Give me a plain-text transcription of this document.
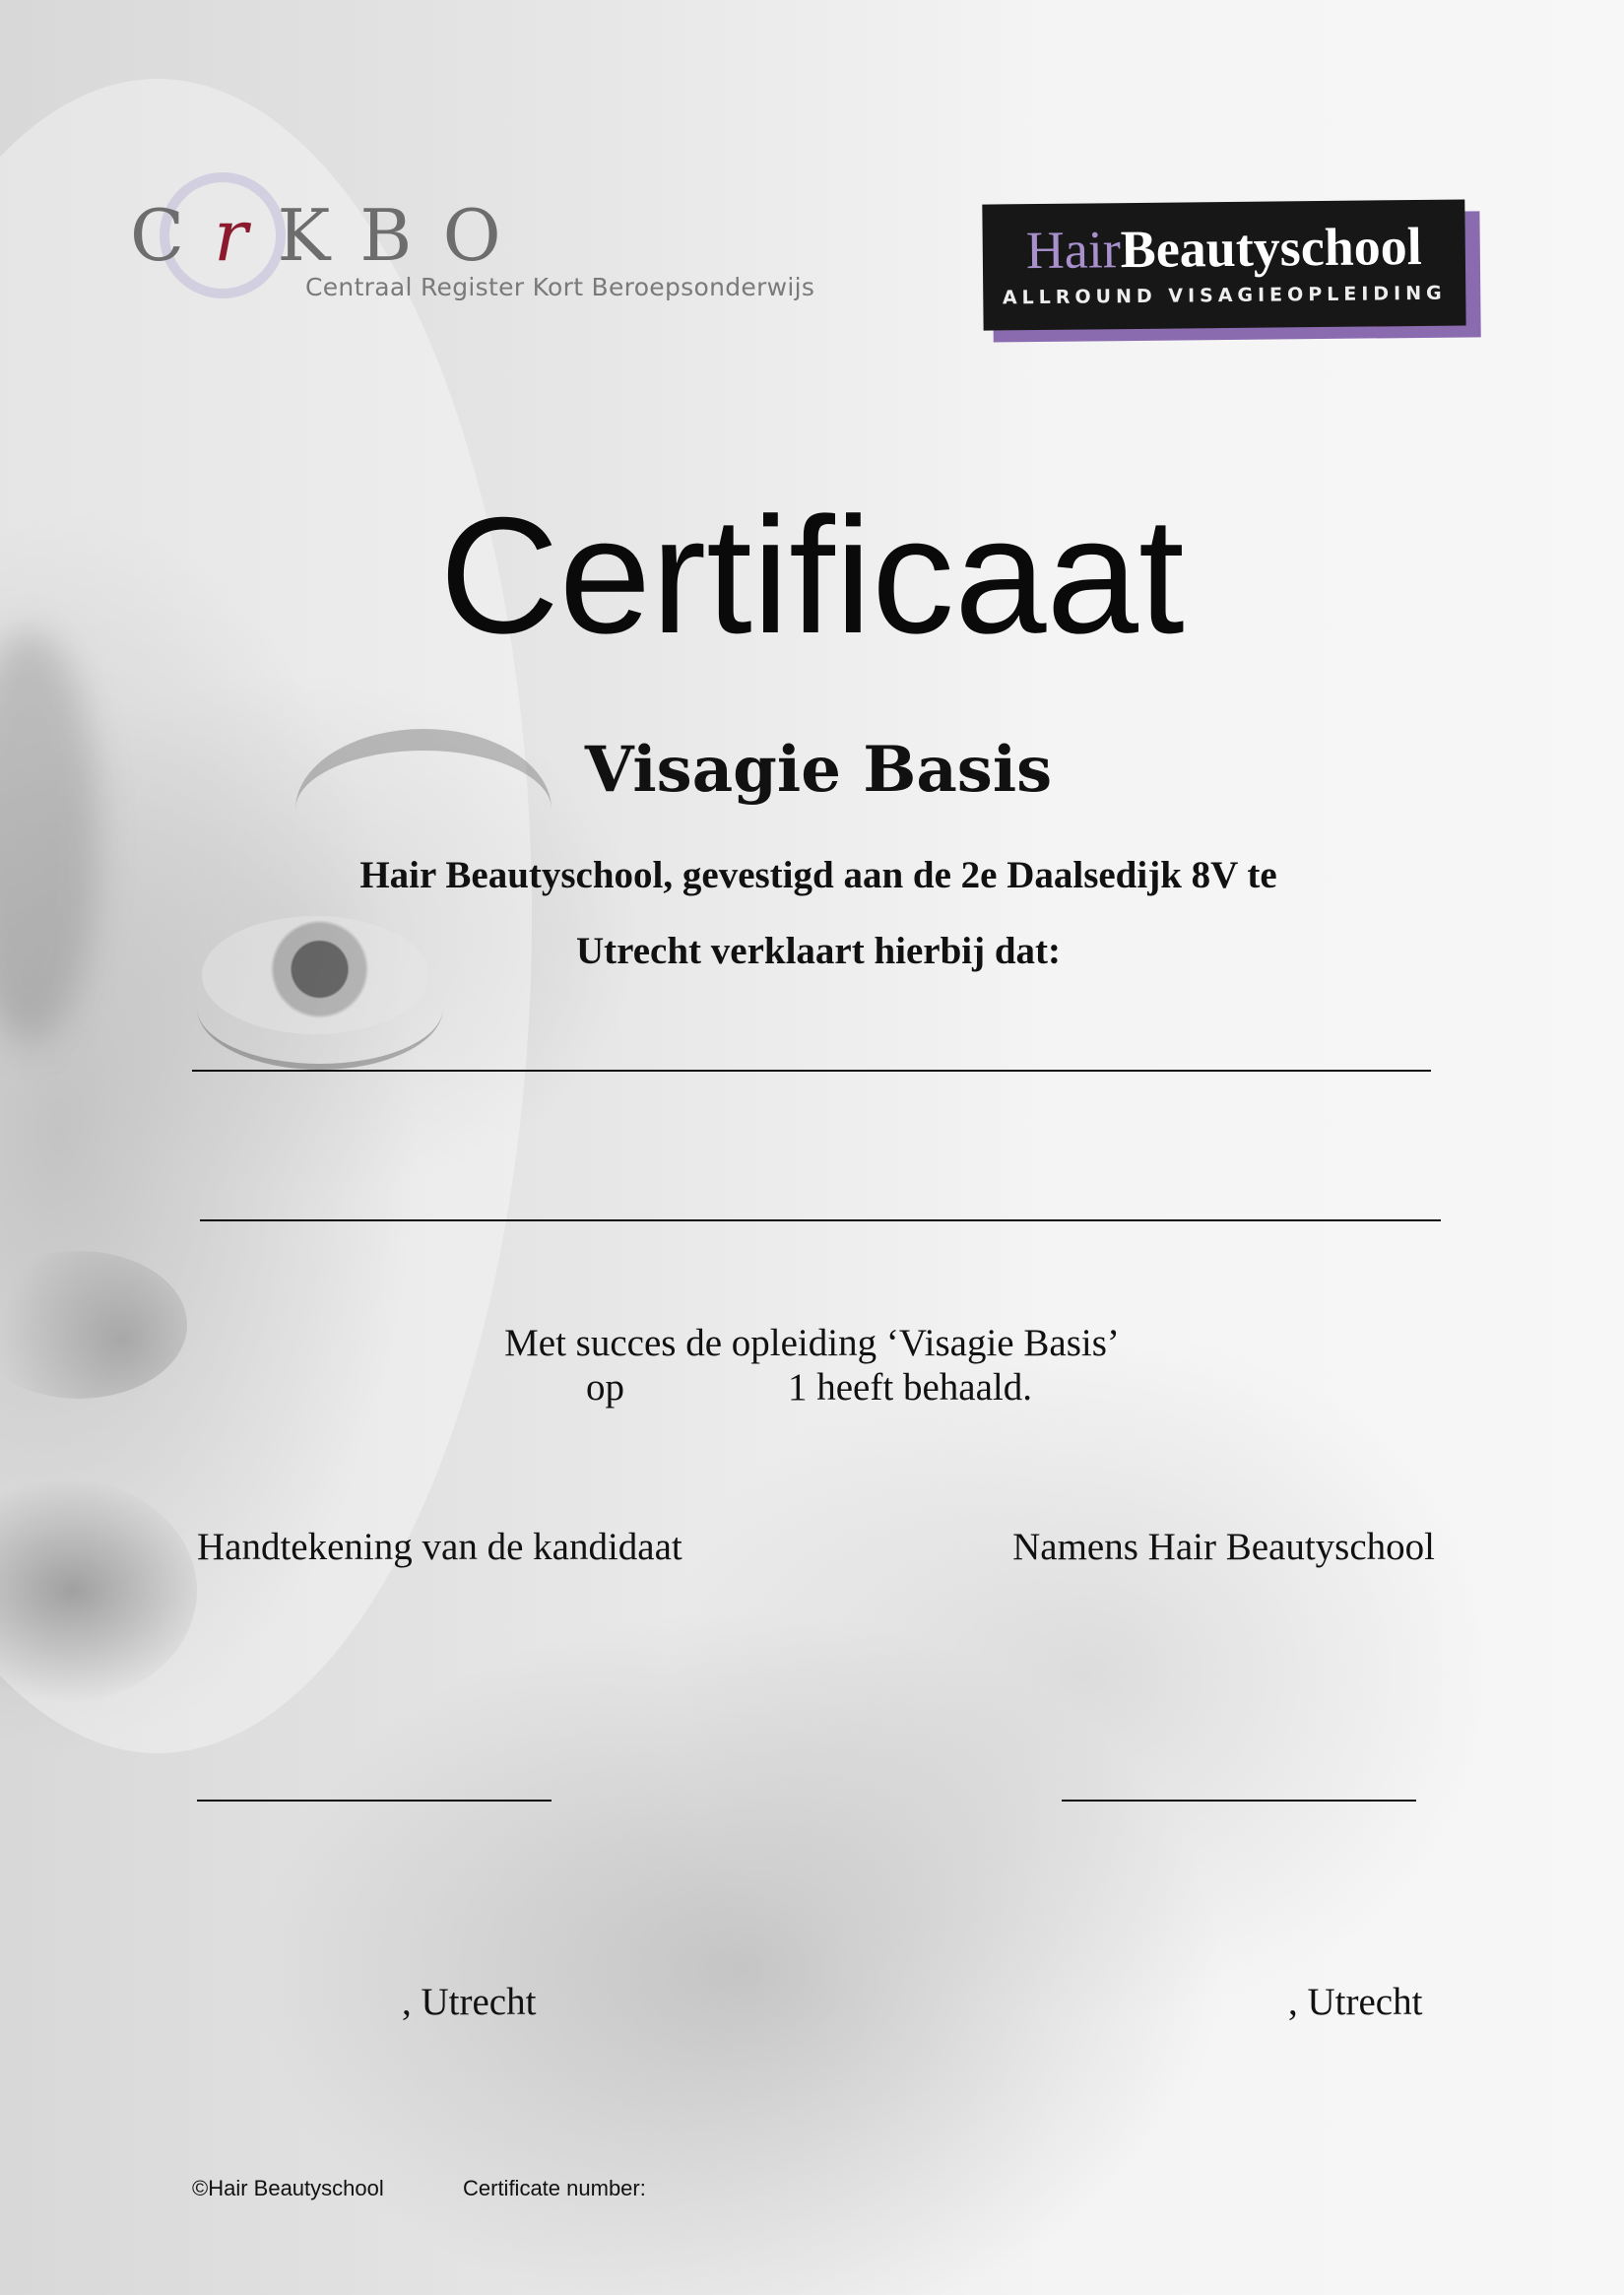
CrKBO
Centraal Register Kort Beroepsonderwijs
HairBeautyschool
ALLROUND VISAGIEOPLEIDING
Certificaat
Visagie Basis
Hair Beautyschool, gevestigd aan de 2e Daalsedijk 8V te
Utrecht verklaart hierbij dat:
Met succes de opleiding ‘Visagie Basis’
op	1 heeft behaald.
Handtekening van de kandidaat	Namens Hair Beautyschool
, Utrecht	, Utrecht
©Hair Beautyschool	Certificate number:
